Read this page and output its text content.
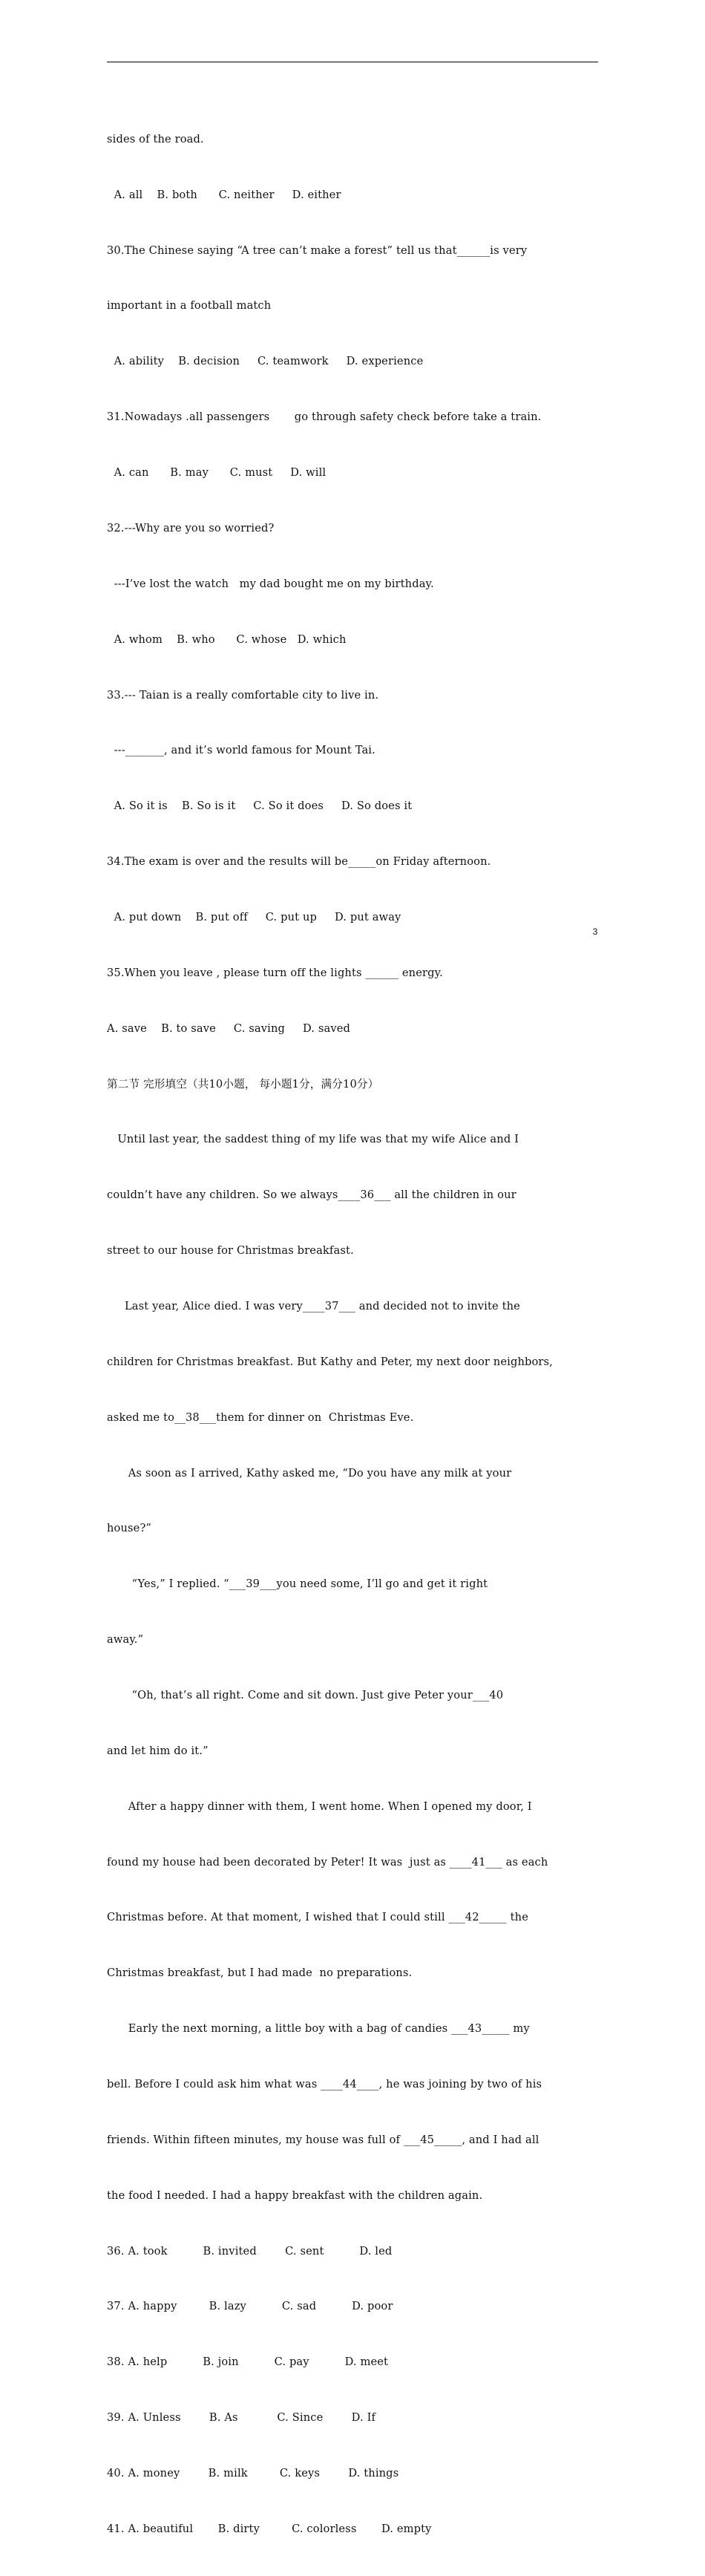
sides of the road.

A. all    B. both      C. neither     D. either

30.The Chinese saying “A tree can’t make a forest” tell us that______is very

important in a football match

A. ability    B. decision     C. teamwork     D. experience

31.Nowadays .all passengers       go through safety check before take a train.

A. can      B. may      C. must     D. will

32.---Why are you so worried?

---I’ve lost the watch   my dad bought me on my birthday.

A. whom    B. who      C. whose   D. which

33.--- Taian is a really comfortable city to live in.

---_______, and it’s world famous for Mount Tai.

A. So it is    B. So is it     C. So it does     D. So does it

34.The exam is over and the results will be_____on Friday afternoon.

A. put down    B. put off     C. put up     D. put away

35.When you leave , please turn off the lights ______ energy.

A. save    B. to save     C. saving     D. saved

第二节 完形填空（共10小题， 每小题1分，满分10分）

Until last year, the saddest thing of my life was that my wife Alice and I

couldn’t have any children. So we always____36___ all the children in our

street to our house for Christmas breakfast.

Last year, Alice died. I was very____37___ and decided not to invite the

children for Christmas breakfast. But Kathy and Peter, my next door neighbors,

asked me to__38___them for dinner on  Christmas Eve.

As soon as I arrived, Kathy asked me, “Do you have any milk at your

house?”

“Yes,” I replied. “___39___you need some, I’ll go and get it right

away.”

“Oh, that’s all right. Come and sit down. Just give Peter your___40

and let him do it.”

After a happy dinner with them, I went home. When I opened my door, I

found my house had been decorated by Peter! It was  just as ____41___ as each

Christmas before. At that moment, I wished that I could still ___42_____ the

Christmas breakfast, but I had made  no preparations.

Early the next morning, a little boy with a bag of candies ___43_____ my

bell. Before I could ask him what was ____44____, he was joining by two of his

friends. Within fifteen minutes, my house was full of ___45_____, and I had all

the food I needed. I had a happy breakfast with the children again.

36. A. took          B. invited        C. sent          D. led

37. A. happy         B. lazy          C. sad          D. poor

38. A. help          B. join          C. pay          D. meet

39. A. Unless        B. As           C. Since        D. If

40. A. money        B. milk         C. keys        D. things

41. A. beautiful       B. dirty         C. colorless       D. empty

3
